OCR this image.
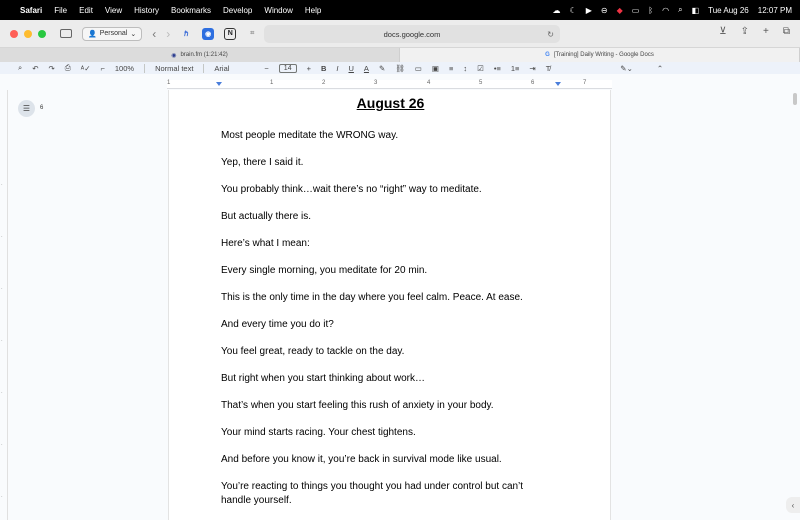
Safari File Edit View History Bookmarks Develop Window Help	☁ ☾ ▶ ⊖ ◆ ▭ ᛒ ◠ ⌕ ◧ Tue Aug 26 12:07 PM
👤 Personal ⌄ ‹ ›	ℏ	◉	N	⌗	docs.google.com	↻	⊻ ⇪ + ⧉
◉ brain.fm (1:21:42)	G [Training] Daily Writing - Google Docs
⌕ ↶ ↷ ⎙ ᴬ✓ ⌐ 100%	Normal text	Arial	−	14	+ B I U A ✎ ⛓ ▭ ▣ ≡ ↕ ☑ •≡ 1≡ ⇥ T̸	✎⌄	⌃
1	1	2	3	4	5	6	7
·
·
·
·
·
·
·
☰	6	August 26

Most people meditate the WRONG way.

Yep, there I said it.

You probably think…wait there’s no “right” way to meditate.

But actually there is.

Here’s what I mean:

Every single morning, you meditate for 20 min.

This is the only time in the day where you feel calm. Peace. At ease.

And every time you do it?

You feel great, ready to tackle on the day.

But right when you start thinking about work…

That’s when you start feeling this rush of anxiety in your body.

Your mind starts racing. Your chest tightens.

And before you know it, you’re back in survival mode like usual.

You’re reacting to things you thought you had under control but can’t handle yourself.	‹
